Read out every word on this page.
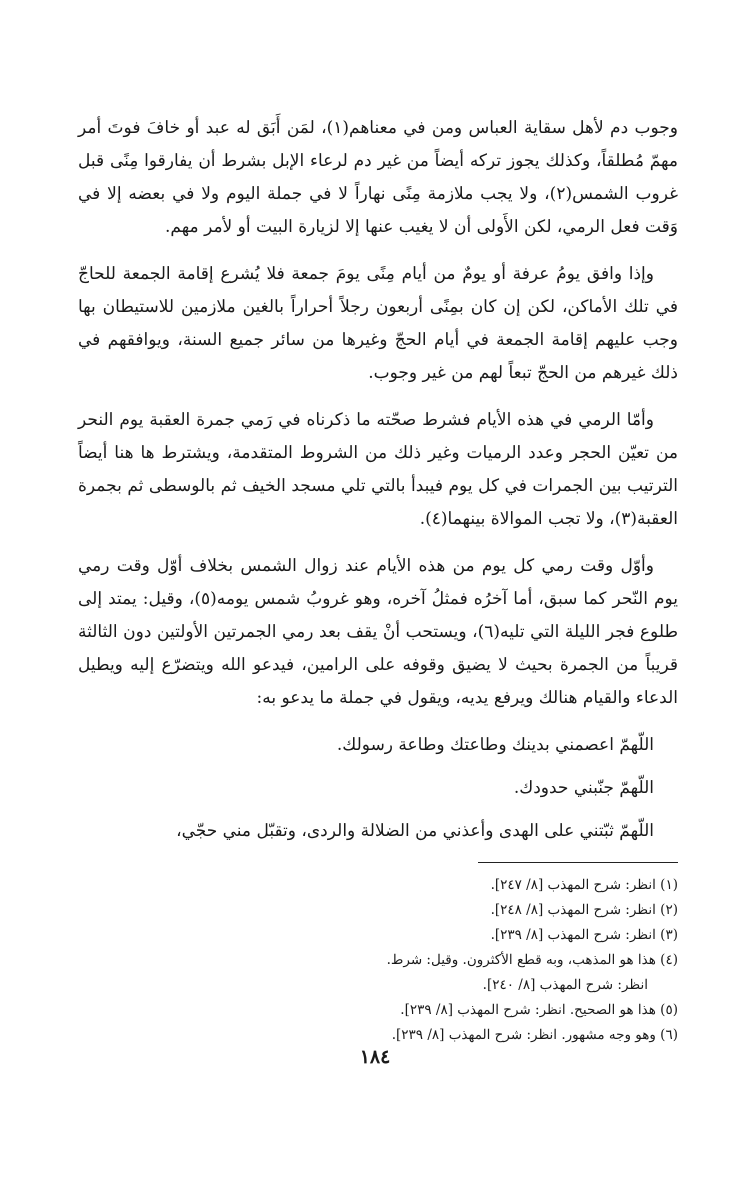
وجوب دم لأهل سقاية العباس ومن في معناهم(١)، لمَن أَبَق له عبد أو خافَ فوتَ أمر مهمّ مُطلقاً، وكذلك يجوز تركه أيضاً من غير دم لرعاء الإبل بشرط أن يفارقوا مِنًى قبل غروب الشمس(٢)، ولا يجب ملازمة مِنًى نهاراً لا في جملة اليوم ولا في بعضه إلا في وَقت فعل الرمي، لكن الأَولى أن لا يغيب عنها إلا لزيارة البيت أو لأمر مهم.

وإذا وافق يومُ عرفة أو يومٌ من أيام مِنًى يومَ جمعة فلا يُشرع إقامة الجمعة للحاجّ في تلك الأماكن، لكن إن كان بمِنًى أربعون رجلاً أحراراً بالغين ملازمين للاستيطان بها وجب عليهم إقامة الجمعة في أيام الحجّ وغيرها من سائر جميع السنة، ويوافقهم في ذلك غيرهم من الحجّ تبعاً لهم من غير وجوب.

وأمّا الرمي في هذه الأيام فشرط صحّته ما ذكرناه في رَمي جمرة العقبة يوم النحر من تعيّن الحجر وعدد الرميات وغير ذلك من الشروط المتقدمة، ويشترط ها هنا أيضاً الترتيب بين الجمرات في كل يوم فيبدأ بالتي تلي مسجد الخيف ثم بالوسطى ثم بجمرة العقبة(٣)، ولا تجب الموالاة بينهما(٤).

وأوّل وقت رمي كل يوم من هذه الأيام عند زوال الشمس بخلاف أوّل وقت رمي يوم النّحر كما سبق، أما آخرُه فمثلُ آخره، وهو غروبُ شمس يومه(٥)، وقيل: يمتد إلى طلوع فجر الليلة التي تليه(٦)، ويستحب أنْ يقف بعد رمي الجمرتين الأولتين دون الثالثة قريباً من الجمرة بحيث لا يضيق وقوفه على الرامين، فيدعو الله ويتضرّع إليه ويطيل الدعاء والقيام هنالك ويرفع يديه، ويقول في جملة ما يدعو به:

اللّهمّ اعصمني بدينك وطاعتك وطاعة رسولك.

اللّهمّ جنّبني حدودك.

اللّهمّ ثبّتني على الهدى وأعذني من الضلالة والردى، وتقبّل مني حجّي،

(١) انظر: شرح المهذب [٨/ ٢٤٧].

(٢) انظر: شرح المهذب [٨/ ٢٤٨].

(٣) انظر: شرح المهذب [٨/ ٢٣٩].

(٤) هذا هو المذهب، وبه قطع الأكثرون. وقيل: شرط.

انظر: شرح المهذب [٨/ ٢٤٠].

(٥) هذا هو الصحيح. انظر: شرح المهذب [٨/ ٢٣٩].

(٦) وهو وجه مشهور. انظر: شرح المهذب [٨/ ٢٣٩].

١٨٤
